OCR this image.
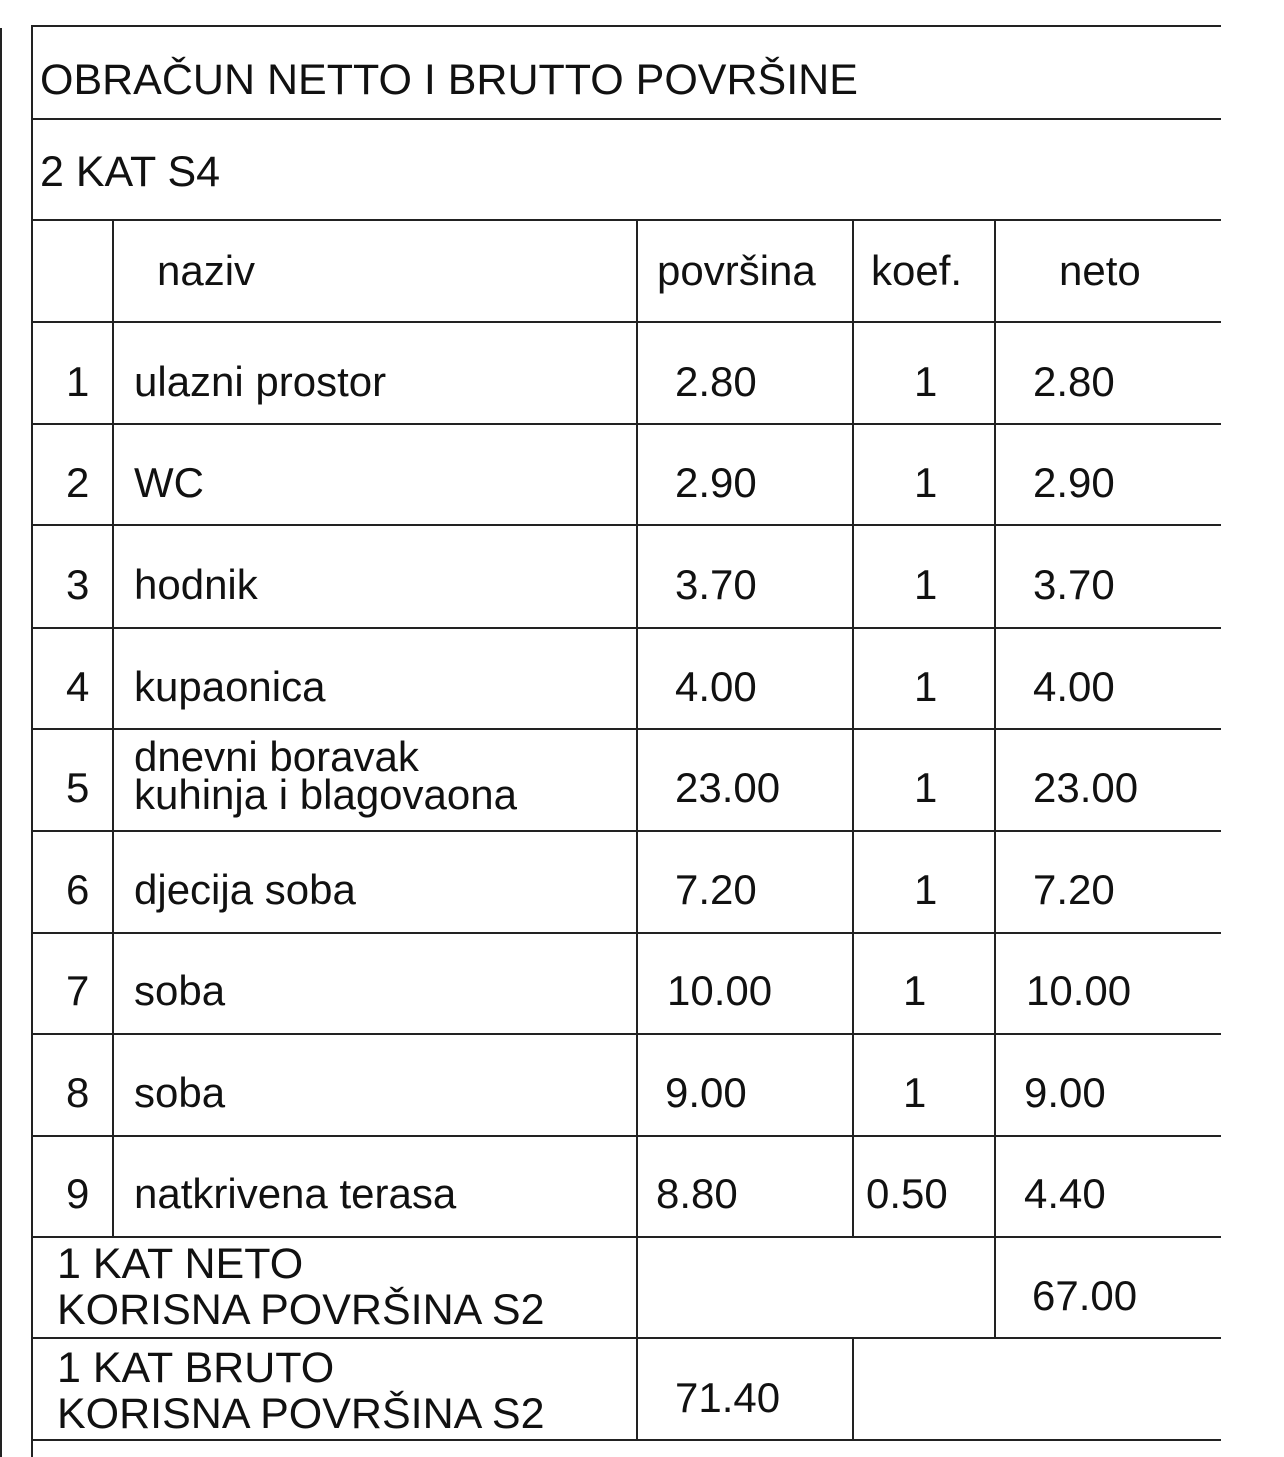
OBRAČUN NETTO I BRUTTO POVRŠINE
2 KAT S4
naziv	površina koef. neto
1 ulazni prostor	2.80	1 2.80
2 WC	2.90	1 2.90
3 hodnik	3.70	1 3.70
4 kupaonica	4.00	1 4.00
5
dnevni boravak
kuhinja i blagovaona	23.00	1 23.00
6 djecija soba	7.20	1 7.20
7 soba	10.00	1 10.00
8 soba	9.00	1 9.00
9 natkrivena terasa	8.80	0.50 4.40
1 KAT NETO
KORISNA POVRŠINA S2	67.00
1 KAT BRUTO
KORISNA POVRŠINA S2	71.40
